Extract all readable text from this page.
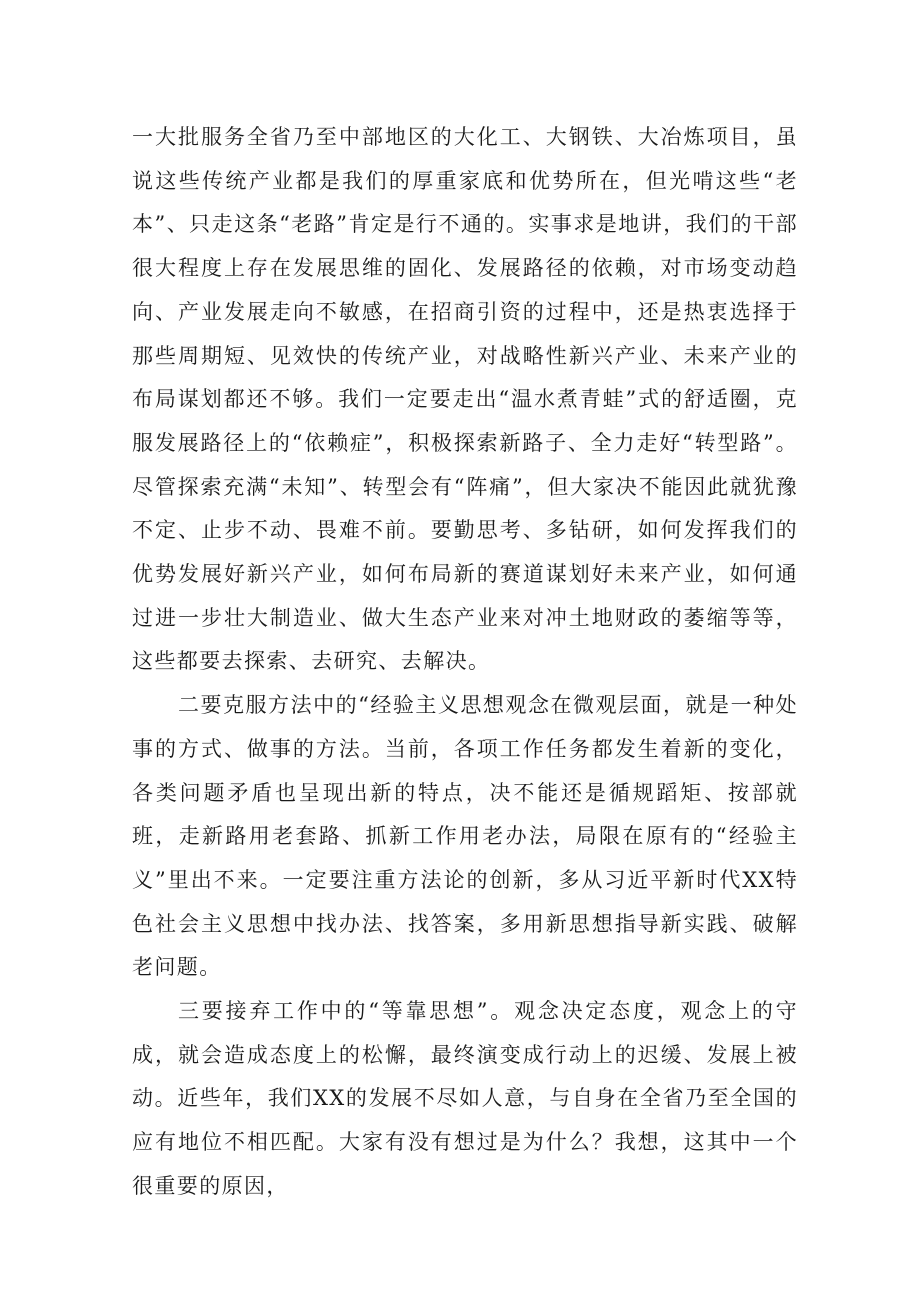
一大批服务全省乃至中部地区的大化工、大钢铁、大冶炼项目，虽说这些传统产业都是我们的厚重家底和优势所在，但光啃这些“老本”、只走这条“老路”肯定是行不通的。实事求是地讲，我们的干部很大程度上存在发展思维的固化、发展路径的依赖，对市场变动趋向、产业发展走向不敏感，在招商引资的过程中，还是热衷选择于那些周期短、见效快的传统产业，对战略性新兴产业、未来产业的布局谋划都还不够。我们一定要走出“温水煮青蛙”式的舒适圈，克服发展路径上的“依赖症”，积极探索新路子、全力走好“转型路”。尽管探索充满“未知”、转型会有“阵痛”，但大家决不能因此就犹豫不定、止步不动、畏难不前。要勤思考、多钻研，如何发挥我们的优势发展好新兴产业，如何布局新的赛道谋划好未来产业，如何通过进一步壮大制造业、做大生态产业来对冲土地财政的萎缩等等，这些都要去探索、去研究、去解决。

二要克服方法中的“经验主义思想观念在微观层面，就是一种处事的方式、做事的方法。当前，各项工作任务都发生着新的变化，各类问题矛盾也呈现出新的特点，决不能还是循规蹈矩、按部就班，走新路用老套路、抓新工作用老办法，局限在原有的“经验主义”里出不来。一定要注重方法论的创新，多从习近平新时代XX特色社会主义思想中找办法、找答案，多用新思想指导新实践、破解老问题。

三要接弃工作中的“等靠思想”。观念决定态度，观念上的守成，就会造成态度上的松懈，最终演变成行动上的迟缓、发展上被动。近些年，我们XX的发展不尽如人意，与自身在全省乃至全国的应有地位不相匹配。大家有没有想过是为什么？我想，这其中一个很重要的原因，
